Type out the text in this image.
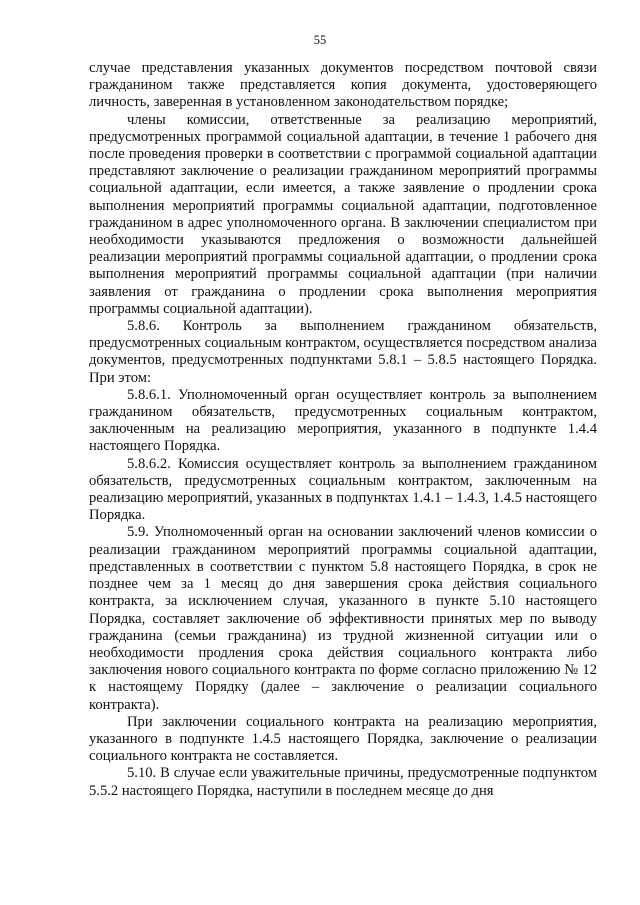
55

случае представления указанных документов посредством почтовой связи гражданином также представляется копия документа, удостоверяющего личность, заверенная в установленном законодательством порядке;

члены комиссии, ответственные за реализацию мероприятий, предусмотренных программой социальной адаптации, в течение 1 рабочего дня после проведения проверки в соответствии с программой социальной адаптации представляют заключение о реализации гражданином мероприятий программы социальной адаптации, если имеется, а также заявление о продлении срока выполнения мероприятий программы социальной адаптации, подготовленное гражданином в адрес уполномоченного органа. В заключении специалистом при необходимости указываются предложения о возможности дальнейшей реализации мероприятий программы социальной адаптации, о продлении срока выполнения мероприятий программы социальной адаптации (при наличии заявления от гражданина о продлении срока выполнения мероприятия программы социальной адаптации).

5.8.6. Контроль за выполнением гражданином обязательств, предусмотренных социальным контрактом, осуществляется посредством анализа документов, предусмотренных подпунктами 5.8.1 – 5.8.5 настоящего Порядка. При этом:

5.8.6.1. Уполномоченный орган осуществляет контроль за выполнением гражданином обязательств, предусмотренных социальным контрактом, заключенным на реализацию мероприятия, указанного в подпункте 1.4.4 настоящего Порядка.

5.8.6.2. Комиссия осуществляет контроль за выполнением гражданином обязательств, предусмотренных социальным контрактом, заключенным на реализацию мероприятий, указанных в подпунктах 1.4.1 – 1.4.3, 1.4.5 настоящего Порядка.

5.9. Уполномоченный орган на основании заключений членов комиссии о реализации гражданином мероприятий программы социальной адаптации, представленных в соответствии с пунктом 5.8 настоящего Порядка, в срок не позднее чем за 1 месяц до дня завершения срока действия социального контракта, за исключением случая, указанного в пункте 5.10 настоящего Порядка, составляет заключение об эффективности принятых мер по выводу гражданина (семьи гражданина) из трудной жизненной ситуации или о необходимости продления срока действия социального контракта либо заключения нового социального контракта по форме согласно приложению № 12 к настоящему Порядку (далее – заключение о реализации социального контракта).

При заключении социального контракта на реализацию мероприятия, указанного в подпункте 1.4.5 настоящего Порядка, заключение о реализации социального контракта не составляется.

5.10. В случае если уважительные причины, предусмотренные подпунктом 5.5.2 настоящего Порядка, наступили в последнем месяце до дня
